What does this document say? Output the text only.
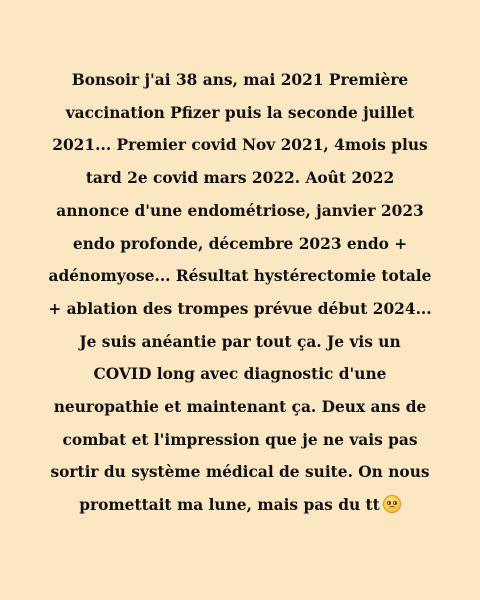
Bonsoir j'ai 38 ans, mai 2021 Première
vaccination Pfizer puis la seconde juillet
2021... Premier covid Nov 2021, 4mois plus
tard 2e covid mars 2022. Août 2022
annonce d'une endométriose, janvier 2023
endo profonde, décembre 2023 endo +
adénomyose... Résultat hystérectomie totale
+ ablation des trompes prévue début 2024...
Je suis anéantie par tout ça. Je vis un
COVID long avec diagnostic d'une
neuropathie et maintenant ça. Deux ans de
combat et l'impression que je ne vais pas
sortir du système médical de suite. On nous
promettait ma lune, mais pas du tt
